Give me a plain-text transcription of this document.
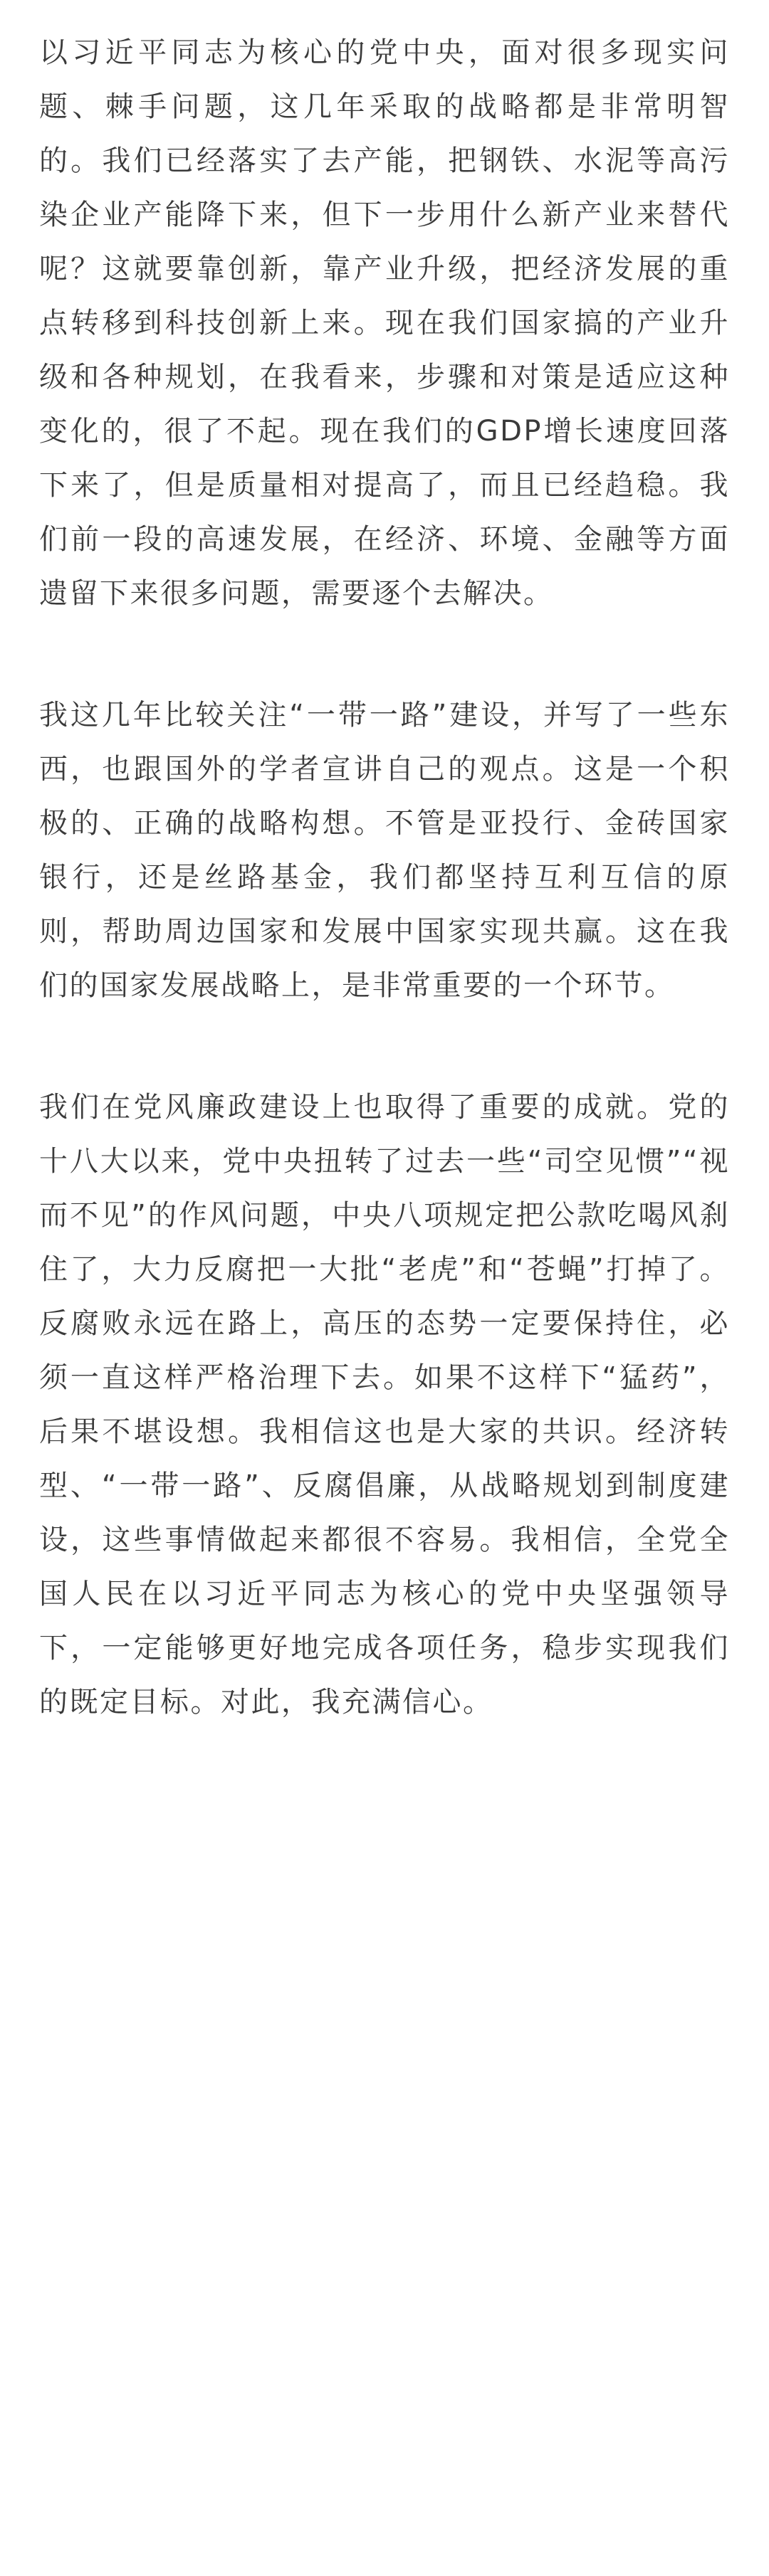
以习近平同志为核心的党中央，面对很多现实问题、棘手问题，这几年采取的战略都是非常明智的。我们已经落实了去产能，把钢铁、水泥等高污染企业产能降下来，但下一步用什么新产业来替代呢？这就要靠创新，靠产业升级，把经济发展的重点转移到科技创新上来。现在我们国家搞的产业升级和各种规划，在我看来，步骤和对策是适应这种变化的，很了不起。现在我们的GDP增长速度回落下来了，但是质量相对提高了，而且已经趋稳。我们前一段的高速发展，在经济、环境、金融等方面遗留下来很多问题，需要逐个去解决。

我这几年比较关注“一带一路”建设，并写了一些东西，也跟国外的学者宣讲自己的观点。这是一个积极的、正确的战略构想。不管是亚投行、金砖国家银行，还是丝路基金，我们都坚持互利互信的原则，帮助周边国家和发展中国家实现共赢。这在我们的国家发展战略上，是非常重要的一个环节。

我们在党风廉政建设上也取得了重要的成就。党的十八大以来，党中央扭转了过去一些“司空见惯”“视而不见”的作风问题，中央八项规定把公款吃喝风刹住了，大力反腐把一大批“老虎”和“苍蝇”打掉了。反腐败永远在路上，高压的态势一定要保持住，必须一直这样严格治理下去。如果不这样下“猛药”，后果不堪设想。我相信这也是大家的共识。经济转型、“一带一路”、反腐倡廉，从战略规划到制度建设，这些事情做起来都很不容易。我相信，全党全国人民在以习近平同志为核心的党中央坚强领导下，一定能够更好地完成各项任务，稳步实现我们的既定目标。对此，我充满信心。
